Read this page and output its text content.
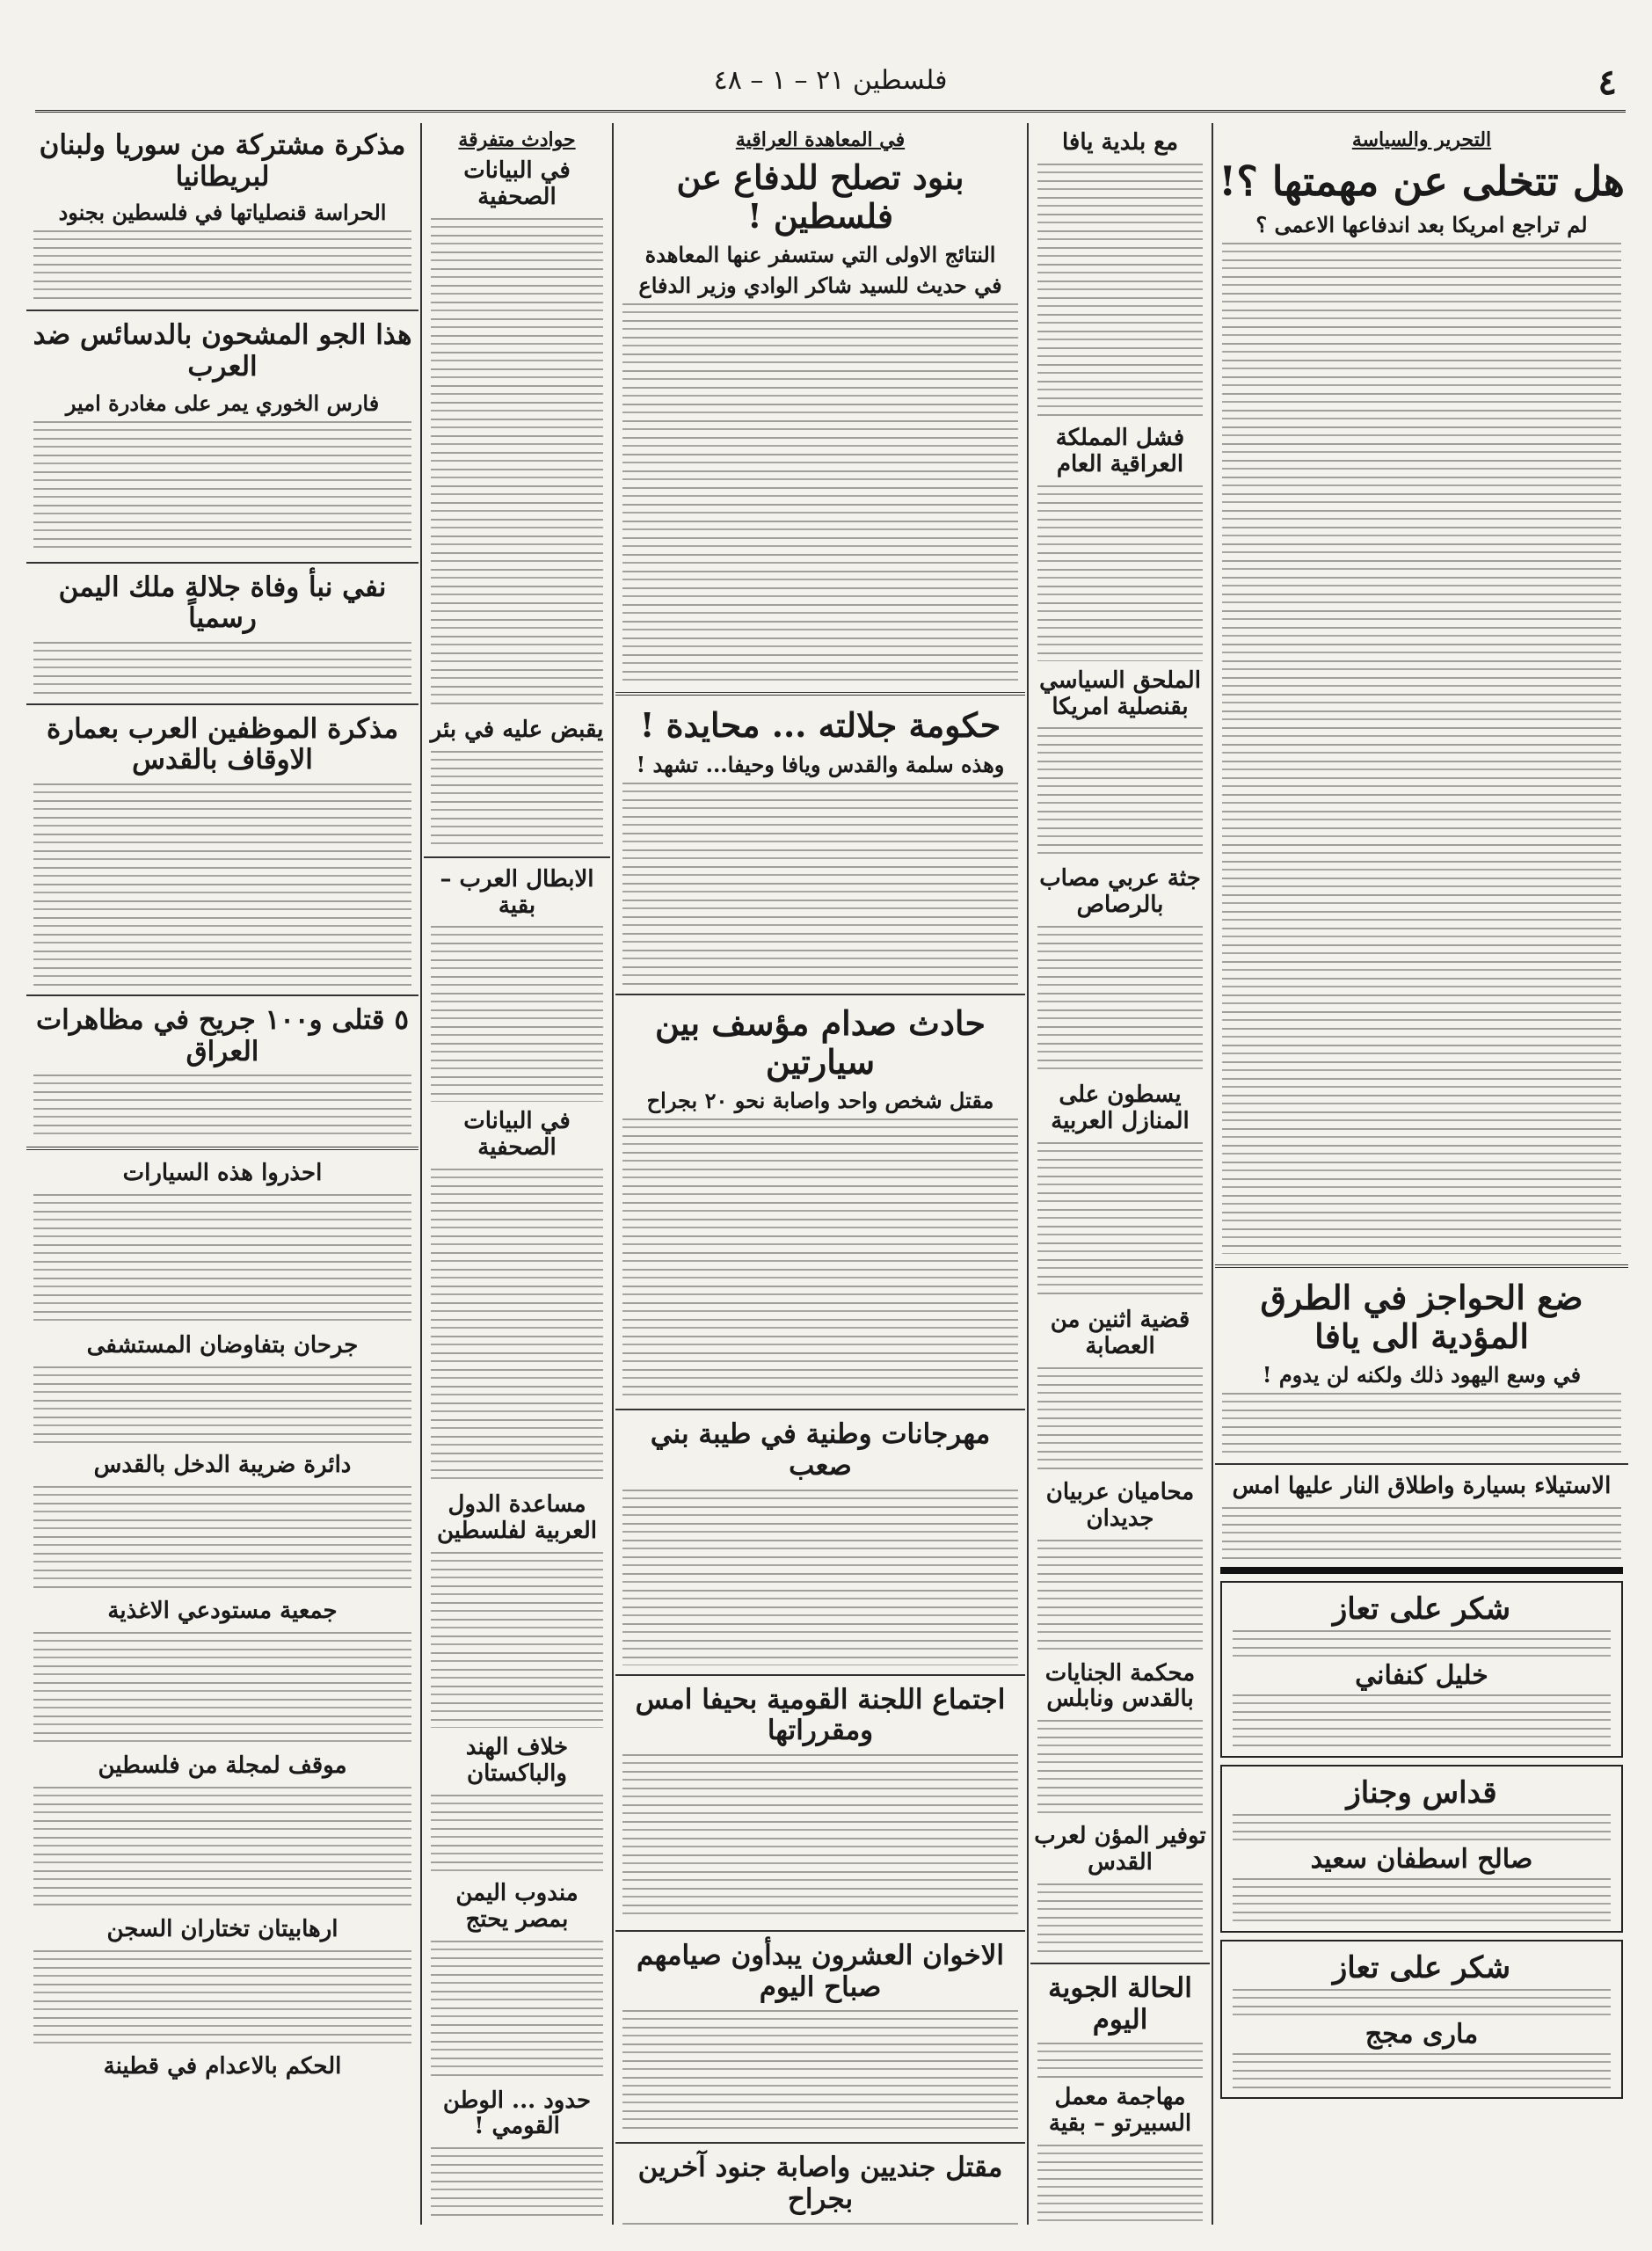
٤
فلسطين ٢١ – ١ – ٤٨
التحرير والسياسة
هل تتخلى عن مهمتها ؟!
لم تراجع امريكا بعد اندفاعها الاعمى ؟
ضع الحواجز في الطرق المؤدية الى يافا
في وسع اليهود ذلك ولكنه لن يدوم !
الاستيلاء بسيارة واطلاق النار عليها امس
شكر على تعاز
خليل كنفاني
قداس وجناز
صالح اسطفان سعيد
شكر على تعاز
مارى مجج
مع بلدية يافا
فشل المملكة العراقية العام
الملحق السياسي بقنصلية امريكا
جثة عربي مصاب بالرصاص
يسطون على المنازل العربية
قضية اثنين من العصابة
محاميان عربيان جديدان
محكمة الجنايات بالقدس ونابلس
توفير المؤن لعرب القدس
الحالة الجوية اليوم
مهاجمة معمل السبيرتو – بقية
في المعاهدة العراقية
بنود تصلح للدفاع عن فلسطين !
النتائج الاولى التي ستسفر عنها المعاهدة
في حديث للسيد شاكر الوادي وزير الدفاع
حكومة جلالته ... محايدة !
وهذه سلمة والقدس ويافا وحيفا... تشهد !
حادث صدام مؤسف بين سيارتين
مقتل شخص واحد واصابة نحو ٢٠ بجراح
مهرجانات وطنية في طيبة بني صعب
اجتماع اللجنة القومية بحيفا امس ومقرراتها
الاخوان العشرون يبدأون صيامهم صباح اليوم
مقتل جنديين واصابة جنود آخرين بجراح
حوادث متفرقة
في البيانات الصحفية
يقبض عليه في بئر
الابطال العرب – بقية
في البيانات الصحفية
مساعدة الدول العربية لفلسطين
خلاف الهند والباكستان
مندوب اليمن بمصر يحتج
حدود ... الوطن القومي !
مذكرة مشتركة من سوريا ولبنان لبريطانيا
الحراسة قنصلياتها في فلسطين بجنود
هذا الجو المشحون بالدسائس ضد العرب
فارس الخوري يمر على مغادرة امير
نفي نبأ وفاة جلالة ملك اليمن رسمياً
مذكرة الموظفين العرب بعمارة الاوقاف بالقدس
٥ قتلى و١٠٠ جريح في مظاهرات العراق
احذروا هذه السيارات
جرحان بتفاوضان المستشفى
دائرة ضريبة الدخل بالقدس
جمعية مستودعي الاغذية
موقف لمجلة من فلسطين
ارهابيتان تختاران السجن
الحكم بالاعدام في قطينة
